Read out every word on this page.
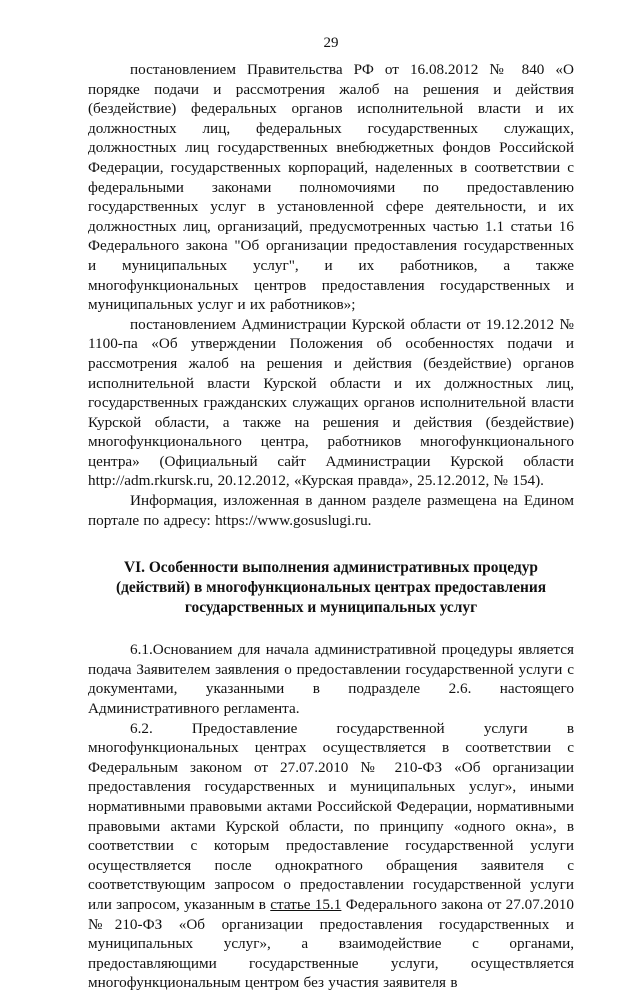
29

постановлением Правительства РФ от 16.08.2012 № 840 «О порядке подачи и рассмотрения жалоб на решения и действия (бездействие) федеральных органов исполнительной власти и их должностных лиц, федеральных государственных служащих, должностных лиц государственных внебюджетных фондов Российской Федерации, государственных корпораций, наделенных в соответствии с федеральными законами полномочиями по предоставлению государственных услуг в установленной сфере деятельности, и их должностных лиц, организаций, предусмотренных частью 1.1 статьи 16 Федерального закона "Об организации предоставления государственных и муниципальных услуг", и их работников, а также многофункциональных центров предоставления государственных и муниципальных услуг и их работников»;

постановлением Администрации Курской области от 19.12.2012 № 1100-па «Об утверждении Положения об особенностях подачи и рассмотрения жалоб на решения и действия (бездействие) органов исполнительной власти Курской области и их должностных лиц, государственных гражданских служащих органов исполнительной власти Курской области, а также на решения и действия (бездействие) многофункционального центра, работников многофункционального центра» (Официальный сайт Администрации Курской области http://adm.rkursk.ru, 20.12.2012, «Курская правда», 25.12.2012, № 154).

Информация, изложенная в данном разделе размещена на Едином портале по адресу: https://www.gosuslugi.ru.

VI. Особенности выполнения административных процедур (действий) в многофункциональных центрах предоставления государственных и муниципальных услуг

6.1.Основанием для начала административной процедуры является подача Заявителем заявления о предоставлении государственной услуги с документами, указанными в подразделе 2.6. настоящего Административного регламента.

6.2. Предоставление государственной услуги в многофункциональных центрах осуществляется в соответствии с Федеральным законом от 27.07.2010 № 210-ФЗ «Об организации предоставления государственных и муниципальных услуг», иными нормативными правовыми актами Российской Федерации, нормативными правовыми актами Курской области, по принципу «одного окна», в соответствии с которым предоставление государственной услуги осуществляется после однократного обращения заявителя с соответствующим запросом о предоставлении государственной услуги или запросом, указанным в статье 15.1 Федерального закона от 27.07.2010 №210-ФЗ «Об организации предоставления государственных и муниципальных услуг», а взаимодействие с органами, предоставляющими государственные услуги, осуществляется многофункциональным центром без участия заявителя в
